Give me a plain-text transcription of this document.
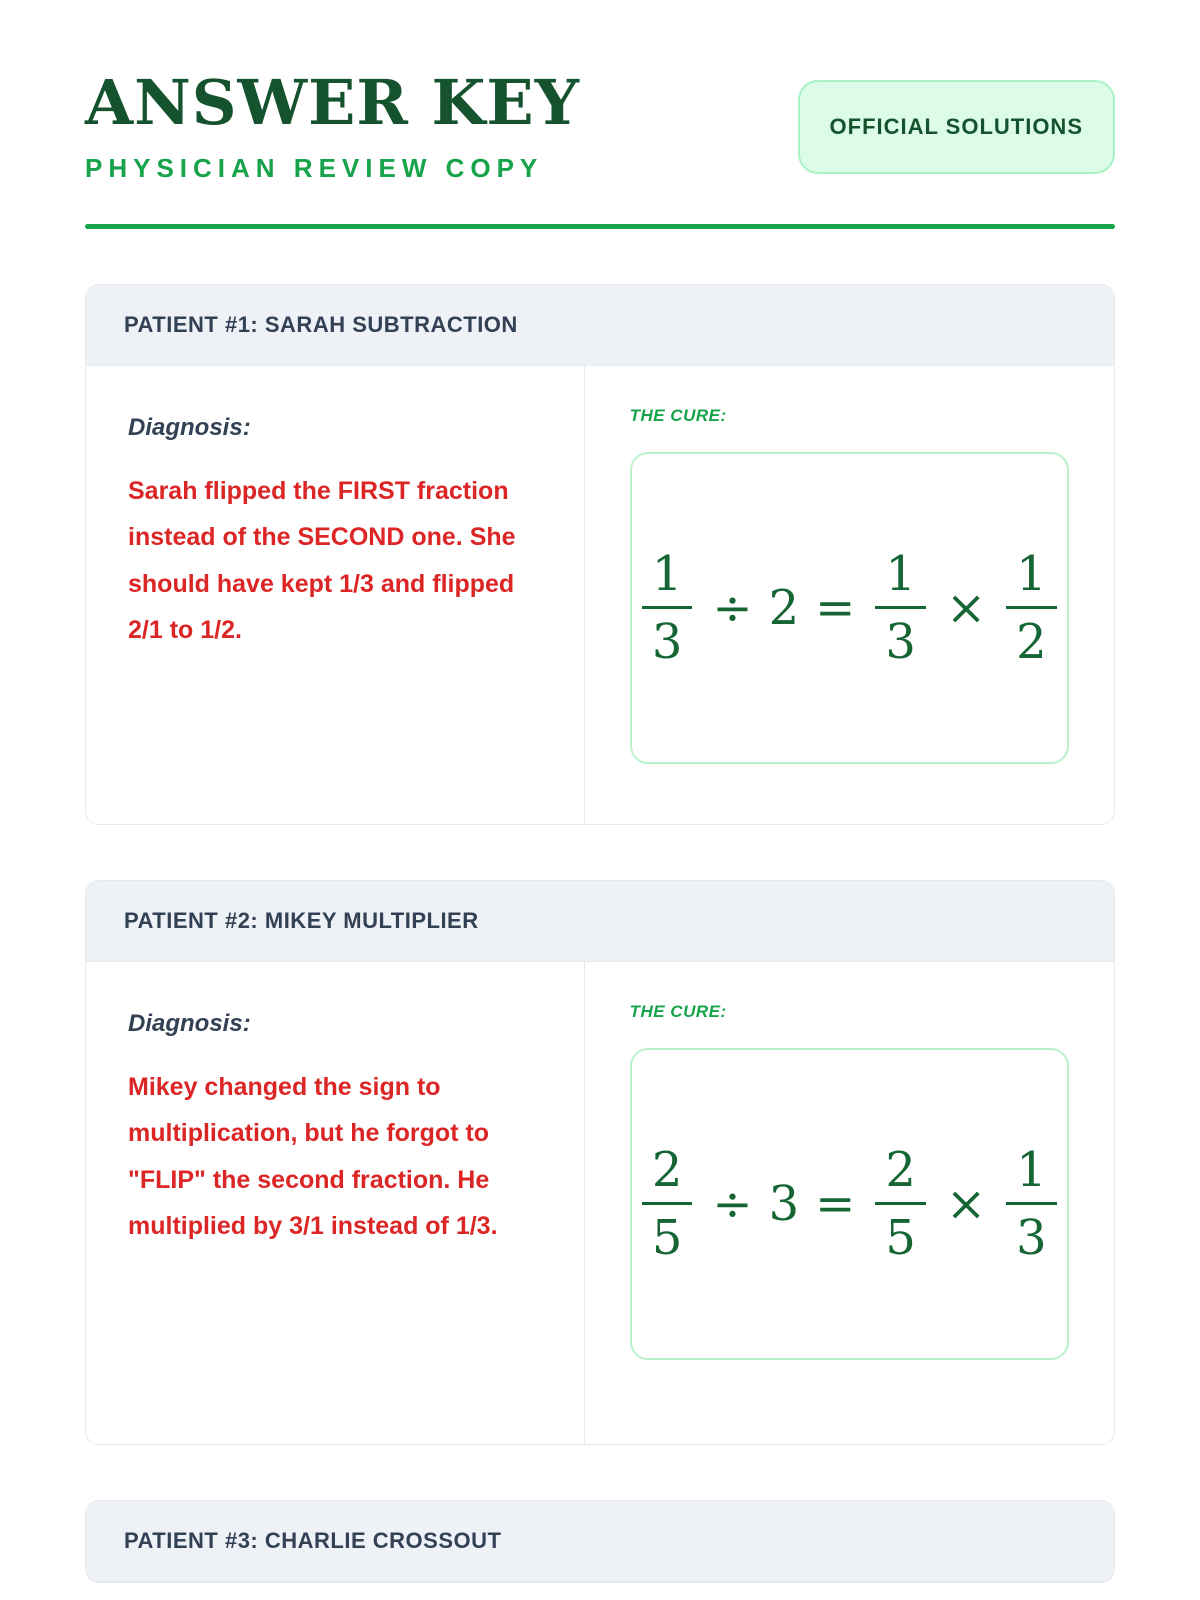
ANSWER KEY
PHYSICIAN REVIEW COPY
OFFICIAL SOLUTIONS
PATIENT #1: SARAH SUBTRACTION
Diagnosis:
Sarah flipped the FIRST fraction instead of the SECOND one. She should have kept 1/3 and flipped 2/1 to 1/2.
THE CURE:
$\frac{1}{3} \div 2 = \frac{1}{3} \times \frac{1}{2}$
PATIENT #2: MIKEY MULTIPLIER
Diagnosis:
Mikey changed the sign to multiplication, but he forgot to "FLIP" the second fraction. He multiplied by 3/1 instead of 1/3.
THE CURE:
$\frac{2}{5} \div 3 = \frac{2}{5} \times \frac{1}{3}$
PATIENT #3: CHARLIE CROSSOUT
